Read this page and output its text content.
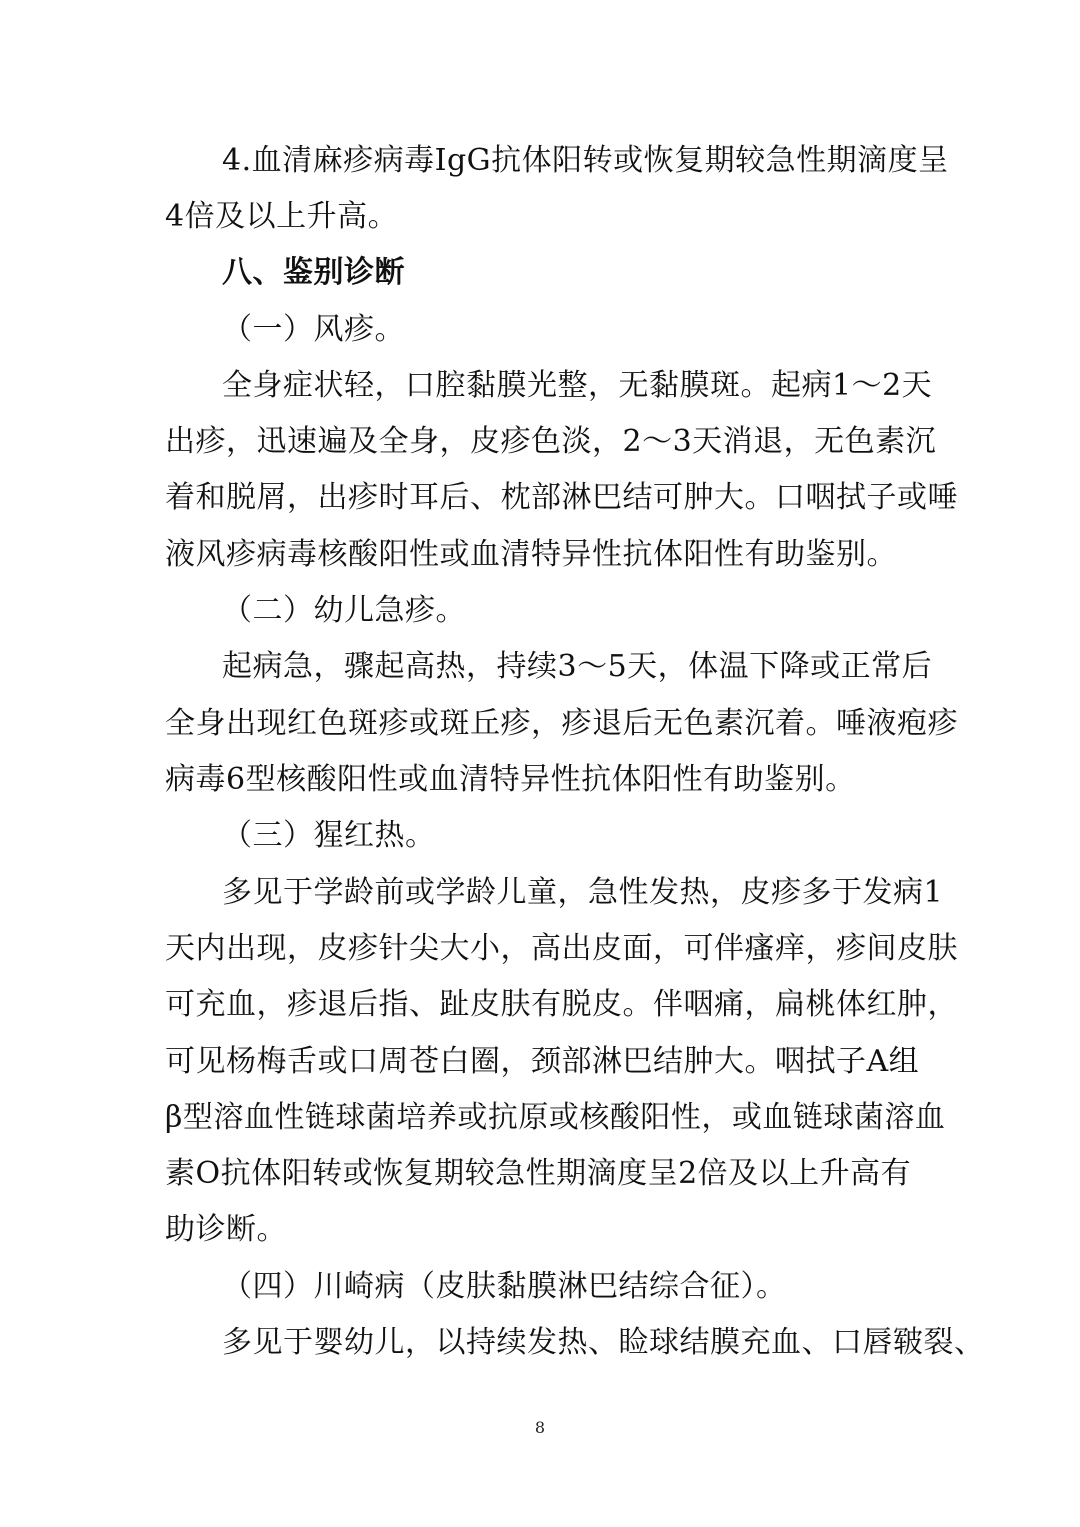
4.血清麻疹病毒IgG抗体阳转或恢复期较急性期滴度呈
4倍及以上升高。
八、鉴别诊断
（一）风疹。
全身症状轻，口腔黏膜光整，无黏膜斑。起病1～2天
出疹，迅速遍及全身，皮疹色淡，2～3天消退，无色素沉
着和脱屑，出疹时耳后、枕部淋巴结可肿大。口咽拭子或唾
液风疹病毒核酸阳性或血清特异性抗体阳性有助鉴别。
（二）幼儿急疹。
起病急，骤起高热，持续3～5天，体温下降或正常后
全身出现红色斑疹或斑丘疹，疹退后无色素沉着。唾液疱疹
病毒6型核酸阳性或血清特异性抗体阳性有助鉴别。
（三）猩红热。
多见于学龄前或学龄儿童，急性发热，皮疹多于发病1
天内出现，皮疹针尖大小，高出皮面，可伴瘙痒，疹间皮肤
可充血，疹退后指、趾皮肤有脱皮。伴咽痛，扁桃体红肿，
可见杨梅舌或口周苍白圈，颈部淋巴结肿大。咽拭子A组
β型溶血性链球菌培养或抗原或核酸阳性，或血链球菌溶血
素O抗体阳转或恢复期较急性期滴度呈2倍及以上升高有
助诊断。
（四）川崎病（皮肤黏膜淋巴结综合征）。
多见于婴幼儿，以持续发热、睑球结膜充血、口唇皲裂、
8
